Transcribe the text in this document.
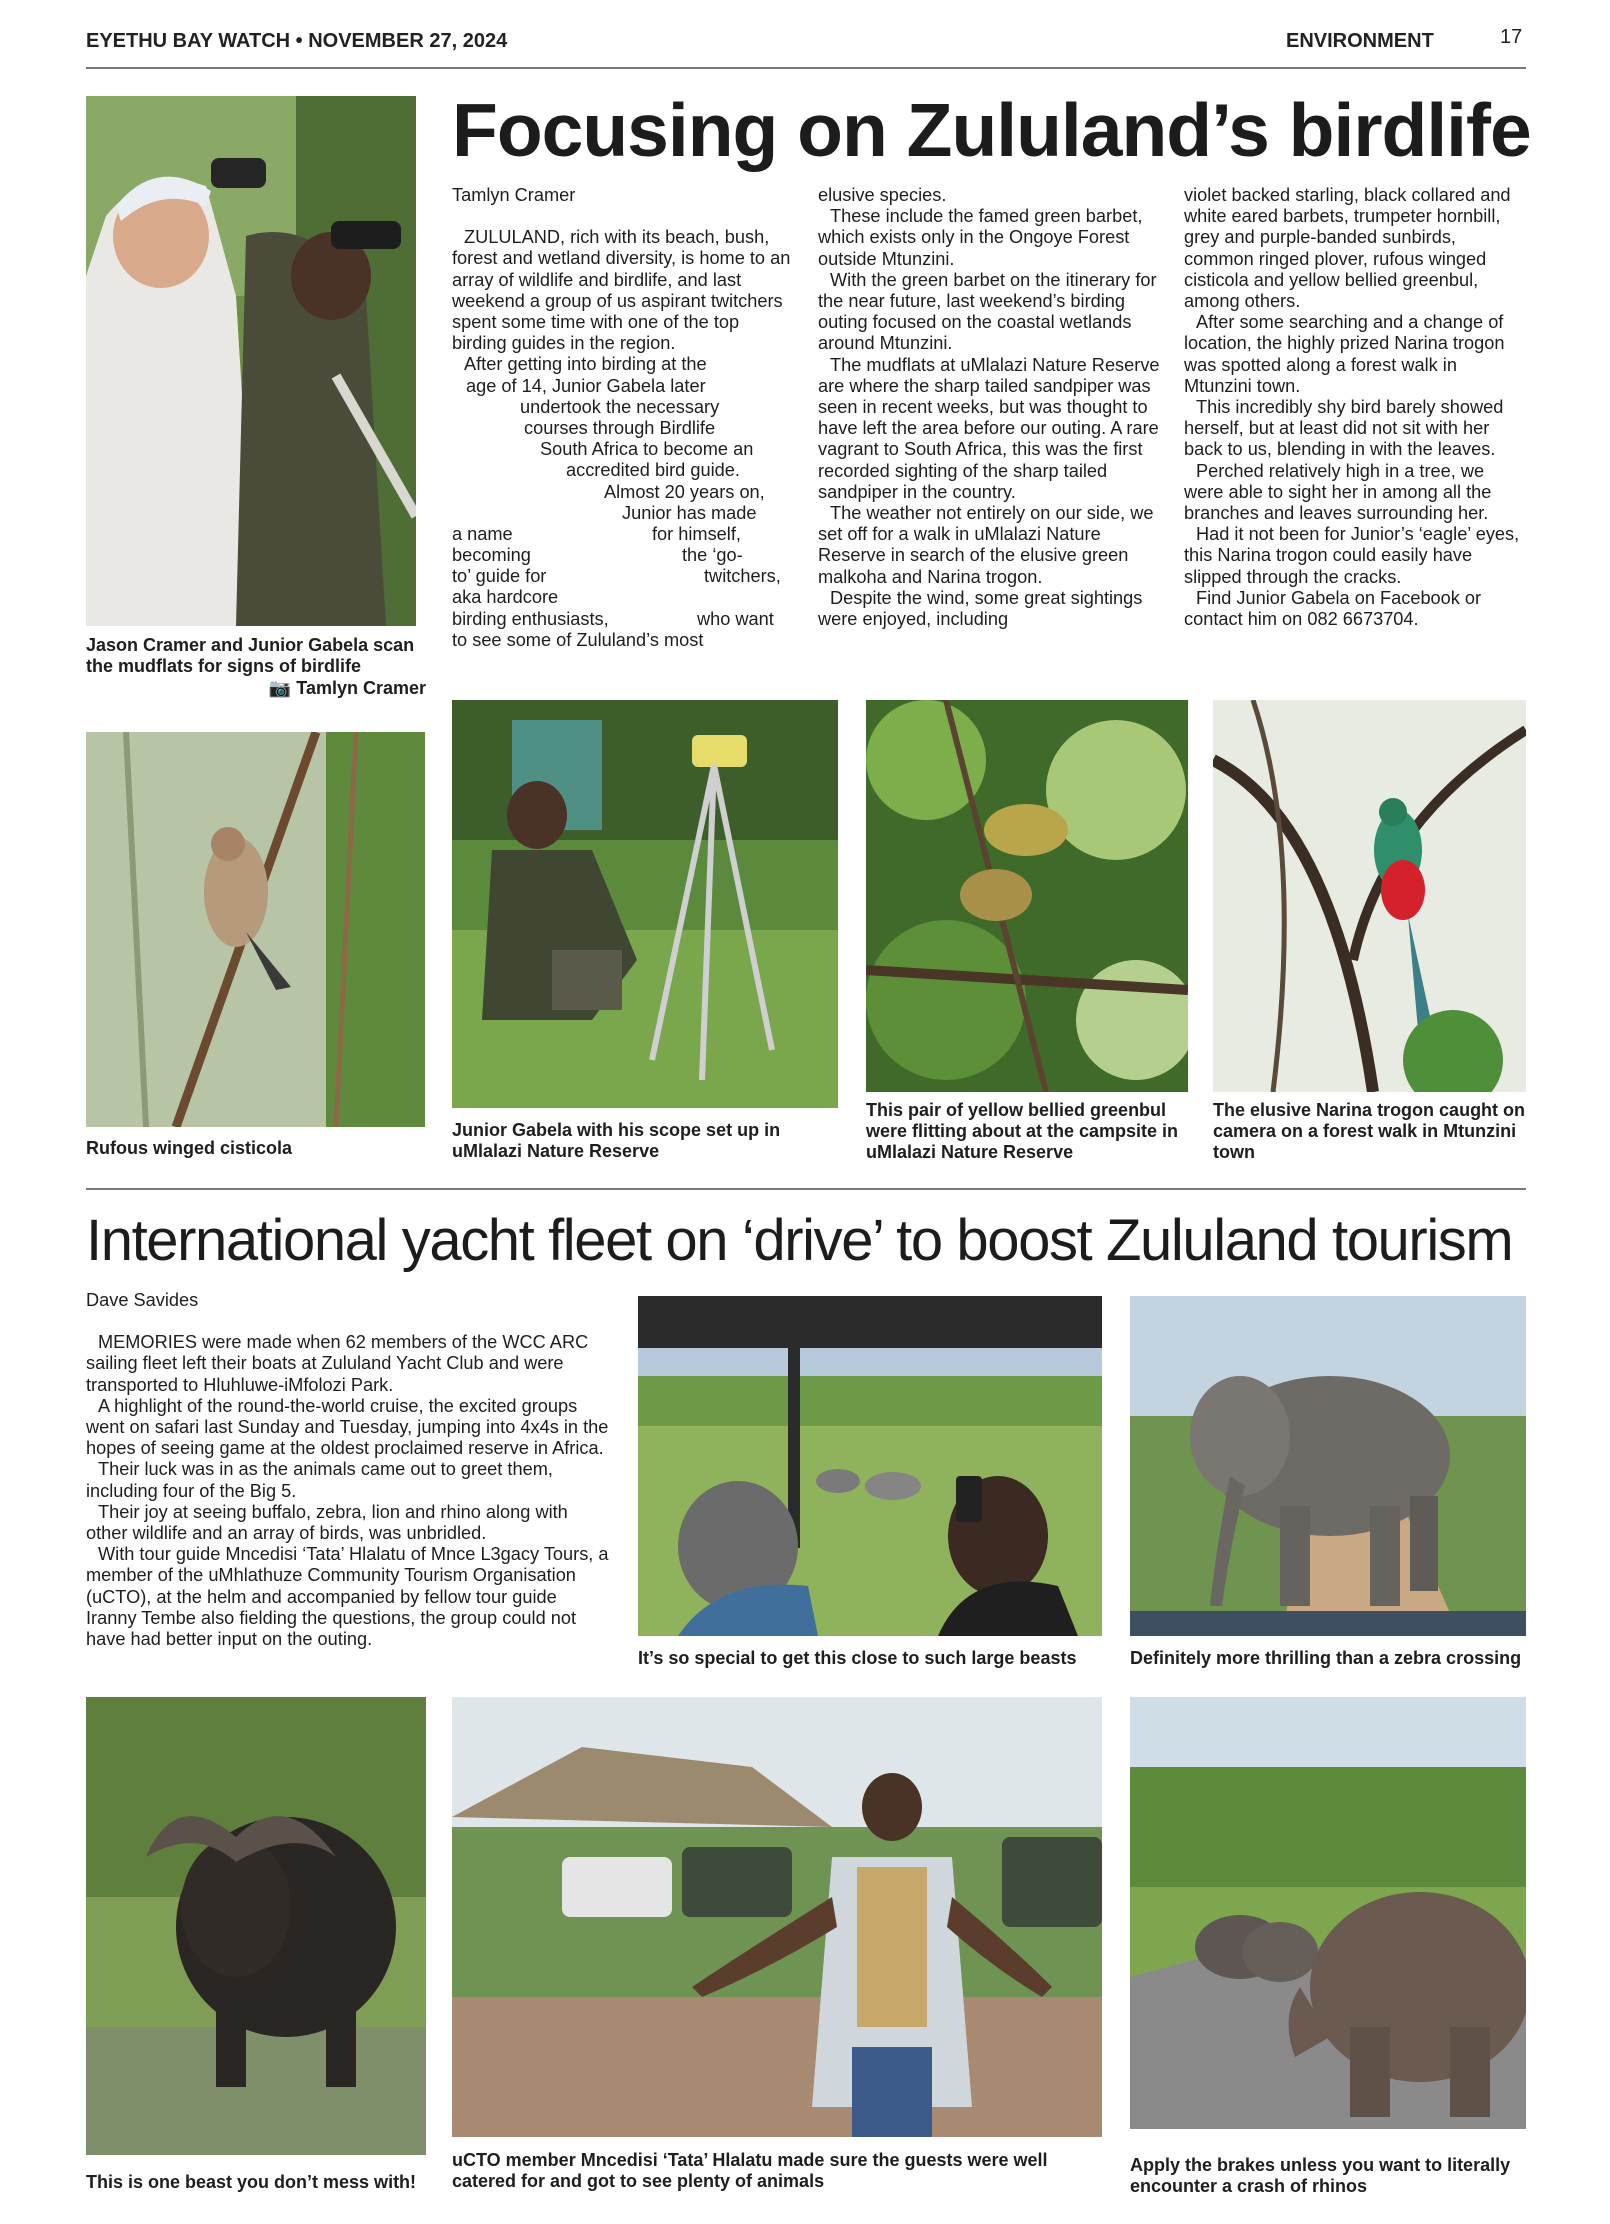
EYETHU BAY WATCH • NOVEMBER 27, 2024	ENVIRONMENT	17
Jason Cramer and Junior Gabela scan the mudflats for signs of birdlife
📷 Tamlyn Cramer
Focusing on Zululand’s birdlife

Tamlyn Cramer

ZULULAND, rich with its beach, bush, forest and wetland diversity, is home to an array of wildlife and birdlife, and last weekend a group of us aspirant twitchers spent some time with one of the top birding guides in the region.

After getting into birding at the
age of 14, Junior Gabela later
undertook the necessary
courses through Birdlife
South Africa to become an
accredited bird guide.
Almost 20 years on,
Junior has made
a name	for himself,
becoming	the ‘go-
to’ guide for	twitchers,
aka hardcore
birding enthusiasts,	who want
to see some of Zululand’s most

elusive species.

These include the famed green barbet, which exists only in the Ongoye Forest outside Mtunzini.

With the green barbet on the itinerary for the near future, last weekend’s birding outing focused on the coastal wetlands around Mtunzini.

The mudflats at uMlalazi Nature Reserve are where the sharp tailed sandpiper was seen in recent weeks, but was thought to have left the area before our outing. A rare vagrant to South Africa, this was the first recorded sighting of the sharp tailed sandpiper in the country.

The weather not entirely on our side, we set off for a walk in uMlalazi Nature Reserve in search of the elusive green malkoha and Narina trogon.

Despite the wind, some great sightings were enjoyed, including

violet backed starling, black collared and white eared barbets, trumpeter hornbill, grey and purple-banded sunbirds, common ringed plover, rufous winged cisticola and yellow bellied greenbul, among others.

After some searching and a change of location, the highly prized Narina trogon was spotted along a forest walk in Mtunzini town.

This incredibly shy bird barely showed herself, but at least did not sit with her back to us, blending in with the leaves.

Perched relatively high in a tree, we were able to sight her in among all the branches and leaves surrounding her.

Had it not been for Junior’s ‘eagle’ eyes, this Narina trogon could easily have slipped through the cracks.

Find Junior Gabela on Facebook or contact him on 082 6673704.

Rufous winged cisticola
Junior Gabela with his scope set up in uMlalazi Nature Reserve
This pair of yellow bellied greenbul were flitting about at the campsite in uMlalazi Nature Reserve
The elusive Narina trogon caught on camera on a forest walk in Mtunzini town
International yacht fleet on ‘drive’ to boost Zululand tourism

Dave Savides

MEMORIES were made when 62 members of the WCC ARC sailing fleet left their boats at Zululand Yacht Club and were transported to Hluhluwe-iMfolozi Park.

A highlight of the round-the-world cruise, the excited groups went on safari last Sunday and Tuesday, jumping into 4x4s in the hopes of seeing game at the oldest proclaimed reserve in Africa.

Their luck was in as the animals came out to greet them, including four of the Big 5.

Their joy at seeing buffalo, zebra, lion and rhino along with other wildlife and an array of birds, was unbridled.

With tour guide Mncedisi ‘Tata’ Hlalatu of Mnce L3gacy Tours, a member of the uMhlathuze Community Tourism Organisation (uCTO), at the helm and accompanied by fellow tour guide Iranny Tembe also fielding the questions, the group could not have had better input on the outing.

It’s so special to get this close to such large beasts	Definitely more thrilling than a zebra crossing
This is one beast you don’t mess with!
uCTO member Mncedisi ‘Tata’ Hlalatu made sure the guests were well catered for and got to see plenty of animals
Apply the brakes unless you want to literally encounter a crash of rhinos
